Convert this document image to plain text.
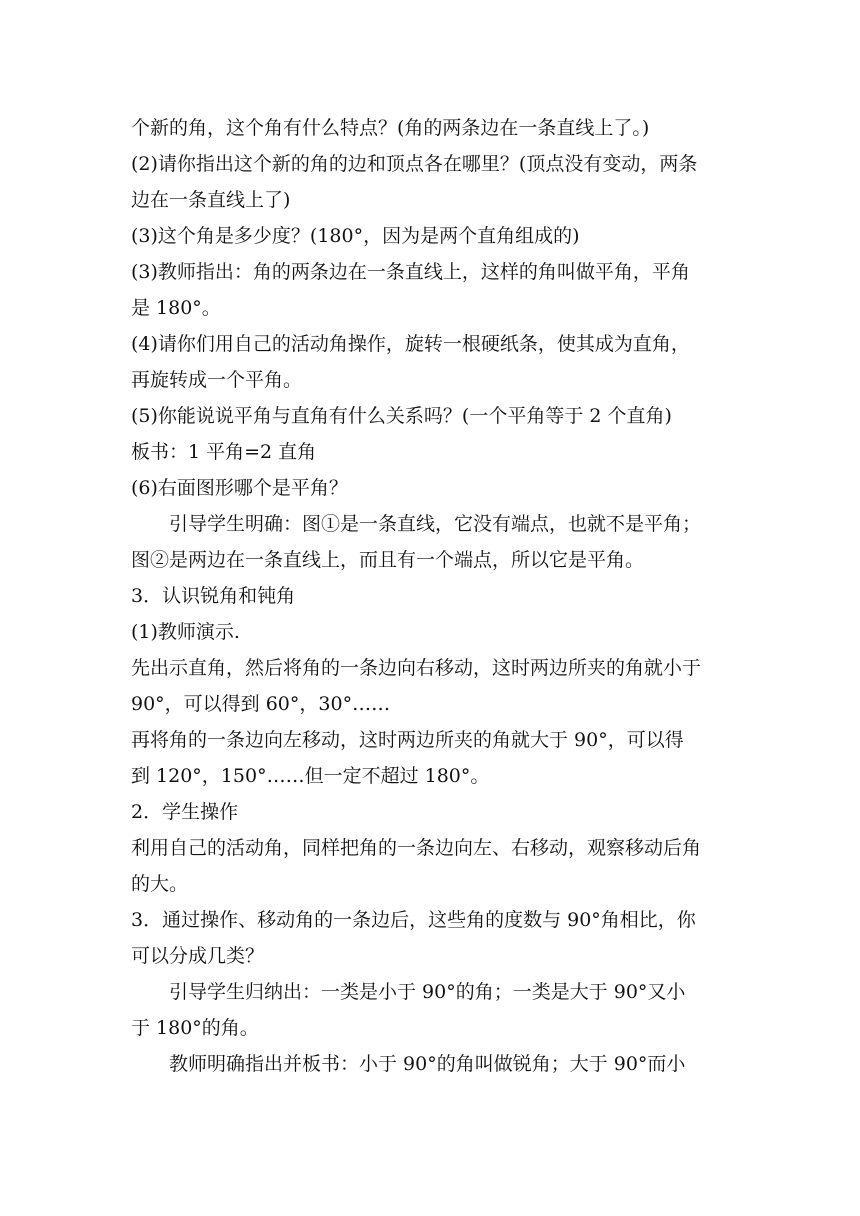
个新的角，这个角有什么特点？(角的两条边在一条直线上了。)
(2)请你指出这个新的角的边和顶点各在哪里？(顶点没有变动，两条
边在一条直线上了)
(3)这个角是多少度？(180°，因为是两个直角组成的)
(3)教师指出：角的两条边在一条直线上，这样的角叫做平角，平角
是 180°。
(4)请你们用自己的活动角操作，旋转一根硬纸条，使其成为直角，
再旋转成一个平角。
(5)你能说说平角与直角有什么关系吗？(一个平角等于 2 个直角)
板书：1 平角=2 直角
(6)右面图形哪个是平角？
引导学生明确：图①是一条直线，它没有端点，也就不是平角；
图②是两边在一条直线上，而且有一个端点，所以它是平角。
3．认识锐角和钝角
(1)教师演示.
先出示直角，然后将角的一条边向右移动，这时两边所夹的角就小于
90°，可以得到 60°，30°……
再将角的一条边向左移动，这时两边所夹的角就大于 90°，可以得
到 120°，150°……但一定不超过 180°。
2．学生操作
利用自己的活动角，同样把角的一条边向左、右移动，观察移动后角
的大。
3．通过操作、移动角的一条边后，这些角的度数与 90°角相比，你
可以分成几类？
引导学生归纳出：一类是小于 90°的角；一类是大于 90°又小
于 180°的角。
教师明确指出并板书：小于 90°的角叫做锐角；大于 90°而小
